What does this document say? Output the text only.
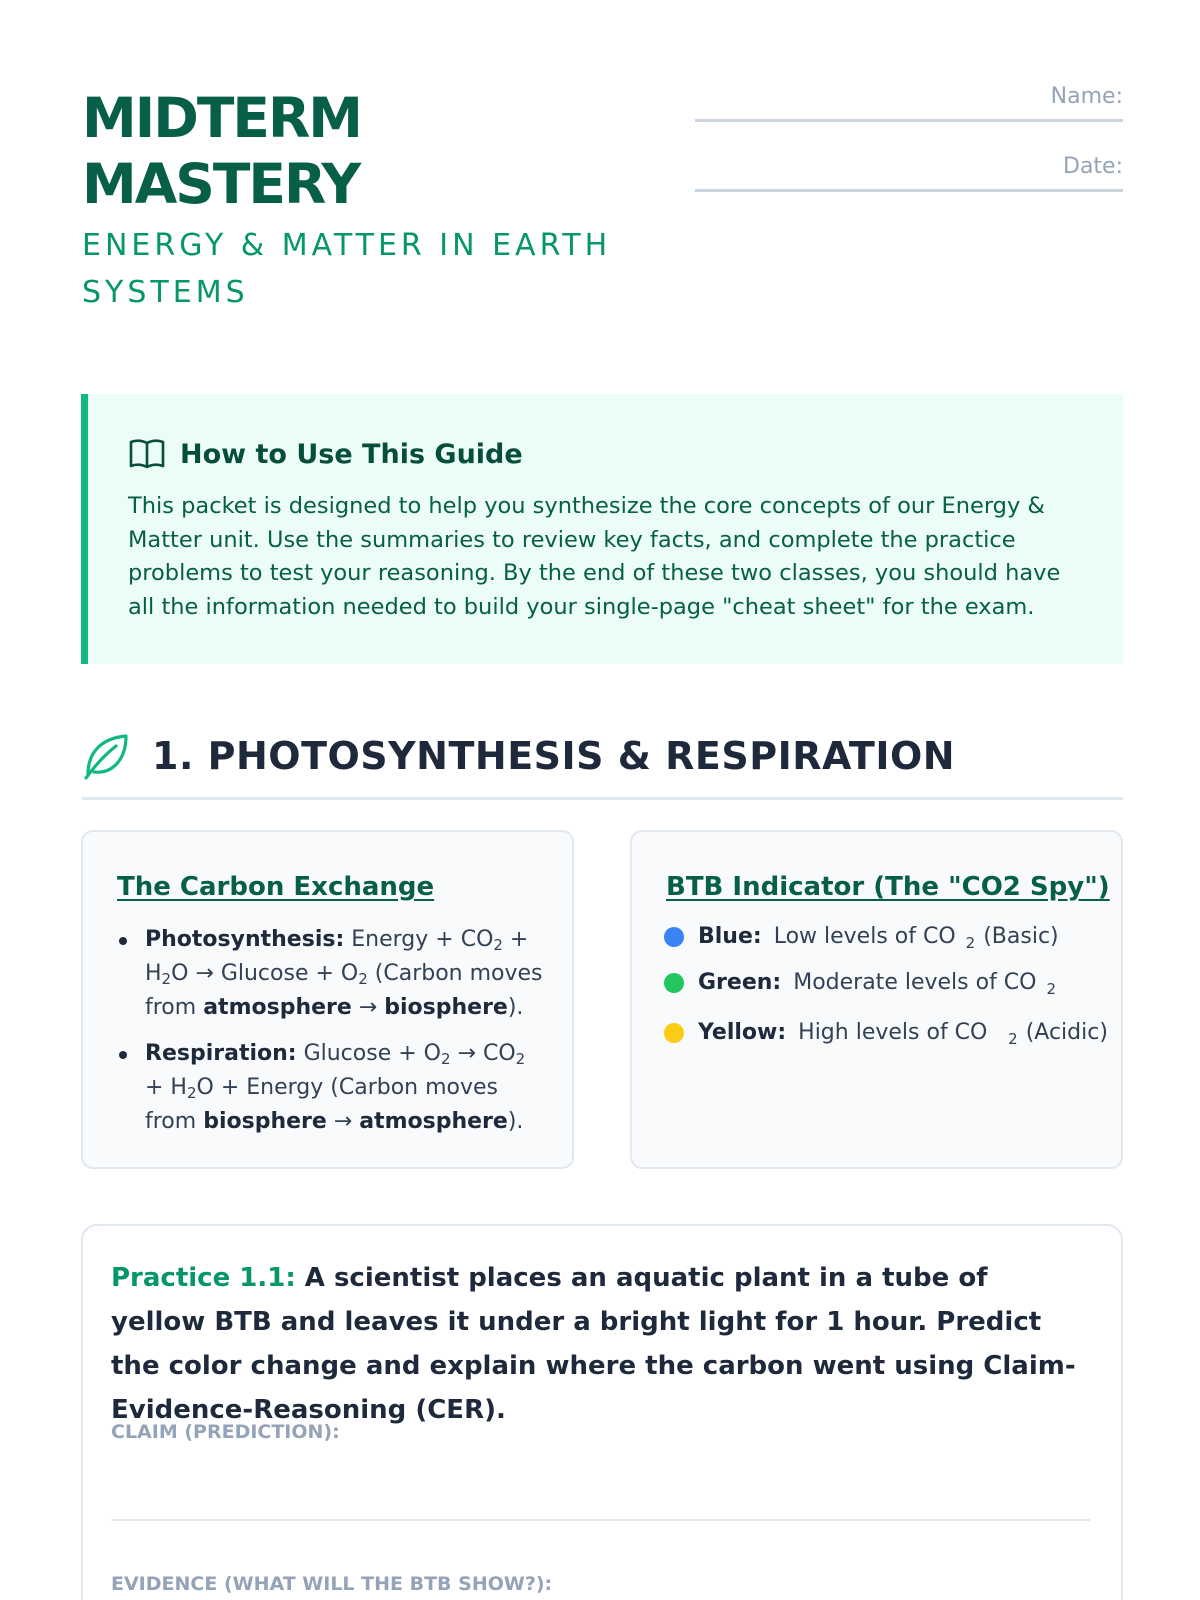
MIDTERM
MASTERY
ENERGY & MATTER IN EARTH SYSTEMS
Name:
Date:
How to Use This Guide

This packet is designed to help you synthesize the core concepts of our Energy & Matter unit. Use the summaries to review key facts, and complete the practice problems to test your reasoning. By the end of these two classes, you should have all the information needed to build your single-page "cheat sheet" for the exam.

1. PHOTOSYNTHESIS & RESPIRATION
The Carbon Exchange
Photosynthesis: Energy + $CO_2 + H_2O \to Glucose + O_2$ (Carbon moves from atmosphere → biosphere).
Respiration: $Glucose + O_2 \to CO_2 + H_2O$ + Energy (Carbon moves from biosphere → atmosphere).
BTB Indicator (The "CO2 Spy")
Blue: Low levels of CO 2 (Basic)
Green: Moderate levels of CO 2
Yellow: High levels of CO	2 (Acidic)

Practice 1.1: A scientist places an aquatic plant in a tube of yellow BTB and leaves it under a bright light for 1 hour. Predict the color change and explain where the carbon went using Claim-Evidence-Reasoning (CER).

CLAIM (PREDICTION):
EVIDENCE (WHAT WILL THE BTB SHOW?):
